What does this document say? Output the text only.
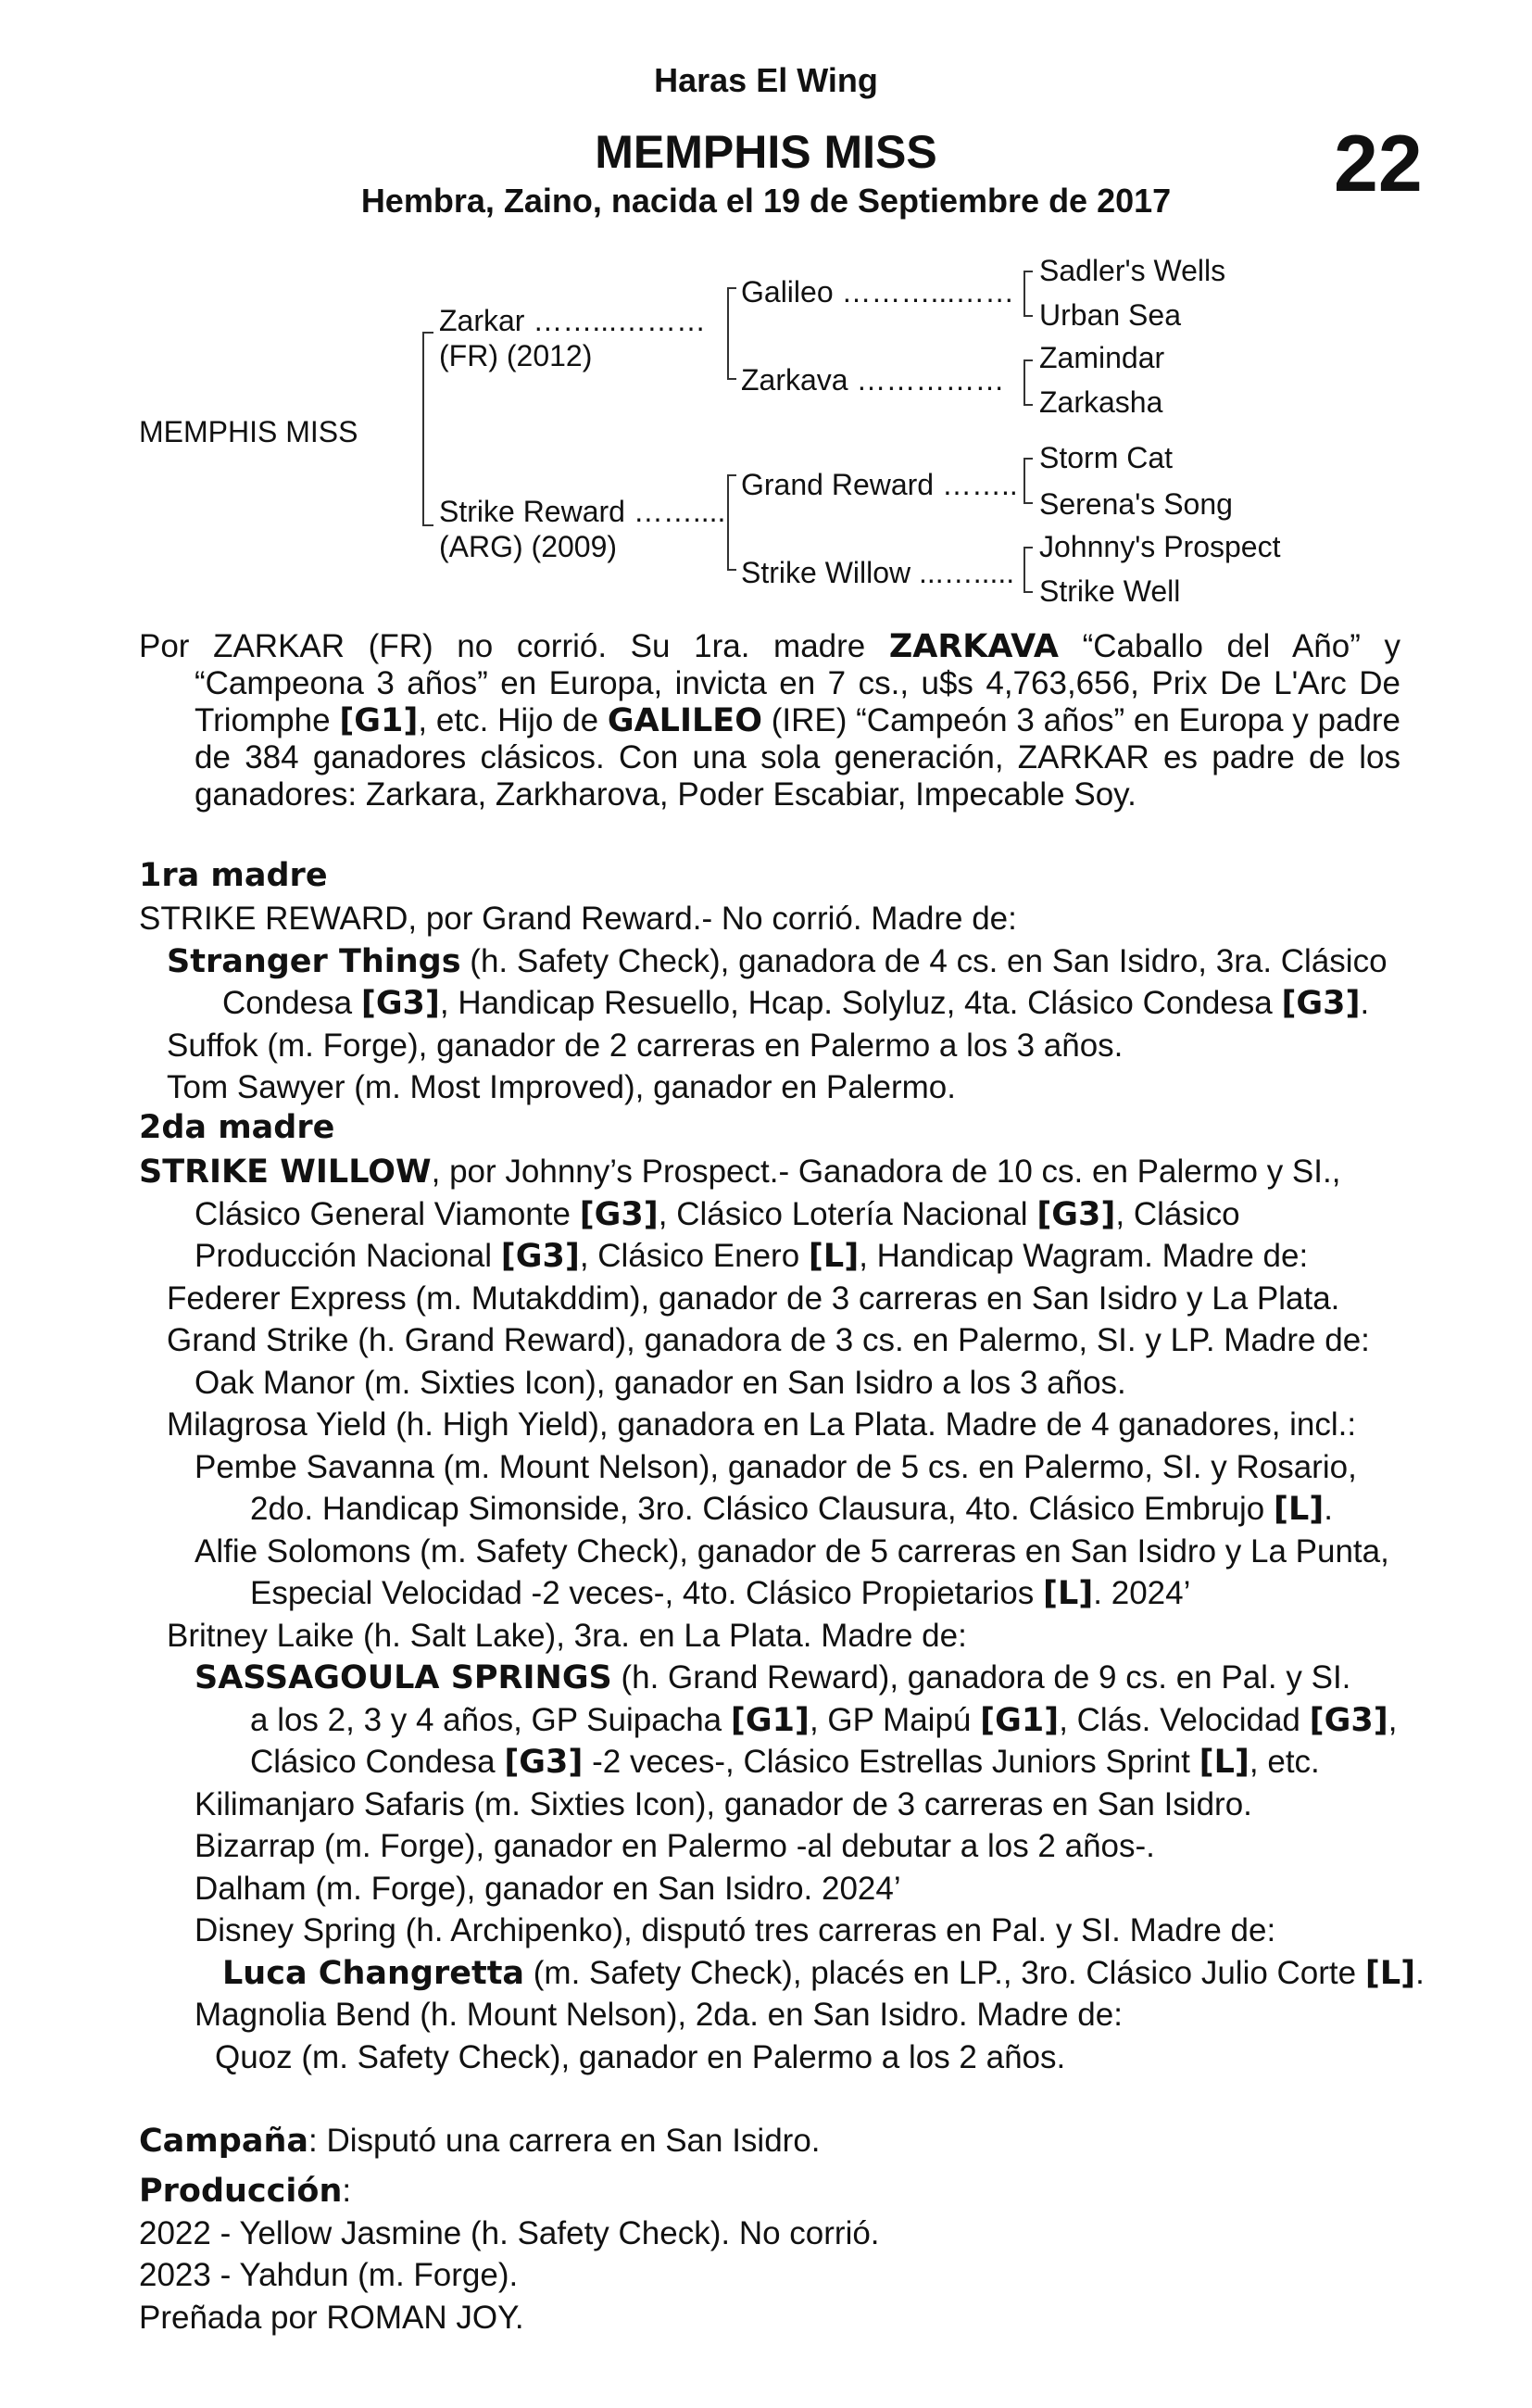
Haras El Wing
MEMPHIS MISS
Hembra, Zaino, nacida el 19 de Septiembre de 2017	22
MEMPHIS MISS
Zarkar ……...………
(FR) (2012)
Strike Reward ……....
(ARG) (2009)
Galileo ………...……
Zarkava ……………
Grand Reward ……..
Strike Willow ...….....
Sadler's Wells
Urban Sea
Zamindar
Zarkasha
Storm Cat
Serena's Song
Johnny's Prospect
Strike Well
Por ZARKAR (FR) no corrió. Su 1ra. madre ZARKAVA “Caballo del Año” y “Campeona 3 años” en Europa, invicta en 7 cs., u$s 4,763,656, Prix De L'Arc De Triomphe [G1], etc. Hijo de GALILEO (IRE) “Campeón 3 años” en Europa y padre de 384 ganadores clásicos. Con una sola generación, ZARKAR es padre de los ganadores: Zarkara, Zarkharova, Poder Escabiar, Impecable Soy.
1ra madre
STRIKE REWARD, por Grand Reward.- No corrió. Madre de:
Stranger Things (h. Safety Check), ganadora de 4 cs. en San Isidro, 3ra. Clásico
Condesa [G3], Handicap Resuello, Hcap. Solyluz, 4ta. Clásico Condesa [G3].
Suffok (m. Forge), ganador de 2 carreras en Palermo a los 3 años.
Tom Sawyer (m. Most Improved), ganador en Palermo.
2da madre
STRIKE WILLOW, por Johnny’s Prospect.- Ganadora de 10 cs. en Palermo y SI.,
Clásico General Viamonte [G3], Clásico Lotería Nacional [G3], Clásico
Producción Nacional [G3], Clásico Enero [L], Handicap Wagram. Madre de:
Federer Express (m. Mutakddim), ganador de 3 carreras en San Isidro y La Plata.
Grand Strike (h. Grand Reward), ganadora de 3 cs. en Palermo, SI. y LP. Madre de:
Oak Manor (m. Sixties Icon), ganador en San Isidro a los 3 años.
Milagrosa Yield (h. High Yield), ganadora en La Plata. Madre de 4 ganadores, incl.:
Pembe Savanna (m. Mount Nelson), ganador de 5 cs. en Palermo, SI. y Rosario,
2do. Handicap Simonside, 3ro. Clásico Clausura, 4to. Clásico Embrujo [L].
Alfie Solomons (m. Safety Check), ganador de 5 carreras en San Isidro y La Punta,
Especial Velocidad -2 veces-, 4to. Clásico Propietarios [L]. 2024’
Britney Laike (h. Salt Lake), 3ra. en La Plata. Madre de:
SASSAGOULA SPRINGS (h. Grand Reward), ganadora de 9 cs. en Pal. y SI.
a los 2, 3 y 4 años, GP Suipacha [G1], GP Maipú [G1], Clás. Velocidad [G3],
Clásico Condesa [G3] -2 veces-, Clásico Estrellas Juniors Sprint [L], etc.
Kilimanjaro Safaris (m. Sixties Icon), ganador de 3 carreras en San Isidro.
Bizarrap (m. Forge), ganador en Palermo -al debutar a los 2 años-.
Dalham (m. Forge), ganador en San Isidro. 2024’
Disney Spring (h. Archipenko), disputó tres carreras en Pal. y SI. Madre de:
Luca Changretta (m. Safety Check), placés en LP., 3ro. Clásico Julio Corte [L].
Magnolia Bend (h. Mount Nelson), 2da. en San Isidro. Madre de:
Quoz (m. Safety Check), ganador en Palermo a los 2 años.
Campaña: Disputó una carrera en San Isidro.
Producción:
2022 - Yellow Jasmine (h. Safety Check). No corrió.
2023 - Yahdun (m. Forge).
Preñada por ROMAN JOY.
